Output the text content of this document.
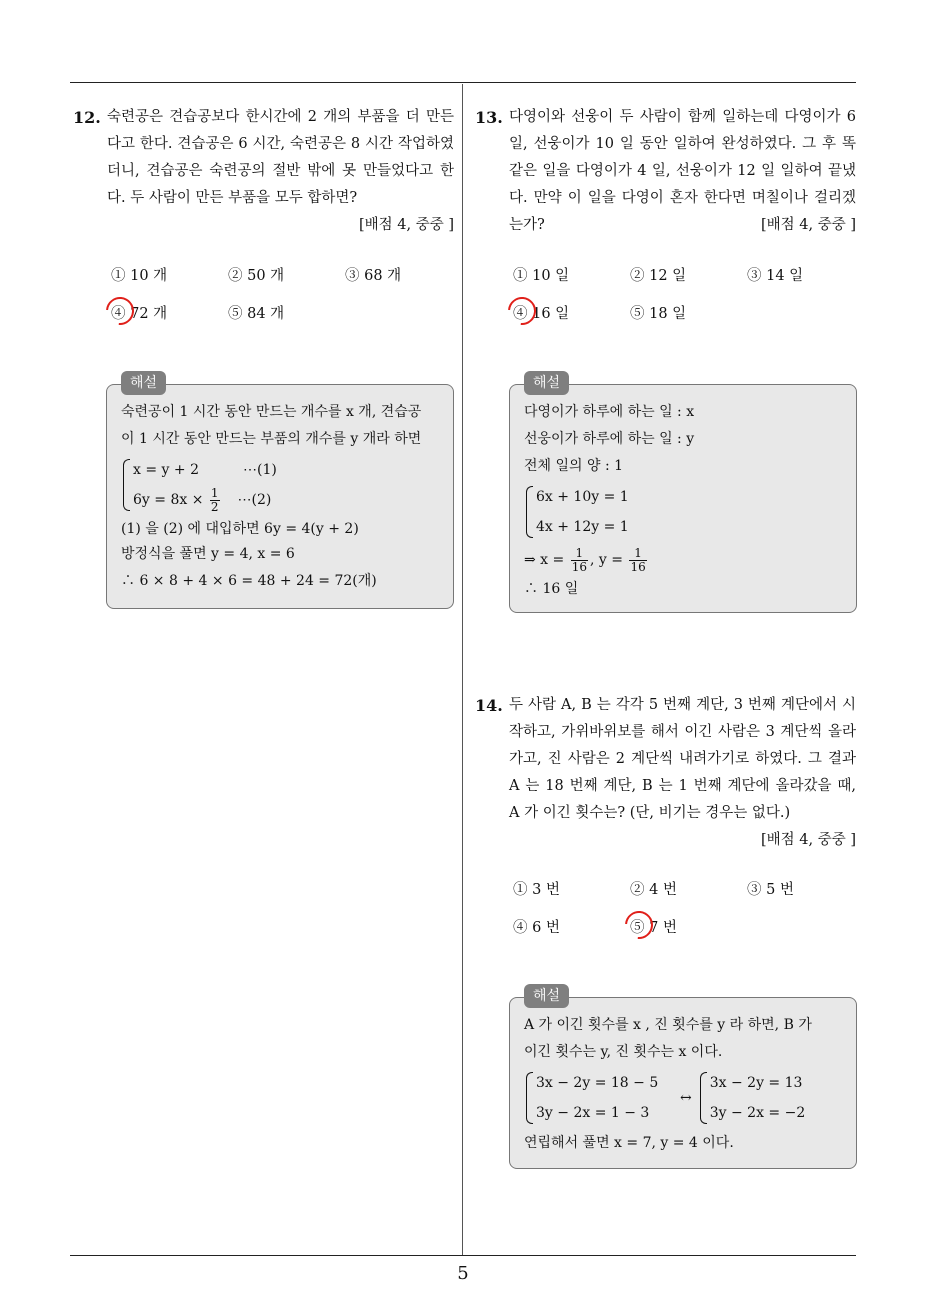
5
12. 숙련공은 견습공보다 한시간에 2 개의 부품을 더 만든다고 한다. 견습공은 6 시간, 숙련공은 8 시간 작업하였더니, 견습공은 숙련공의 절반 밖에 못 만들었다고 한다. 두 사람이 만든 부품을 모두 합하면?
[배점 4, 중중 ]
① 10 개	② 50 개	③ 68 개
④ 72 개	⑤ 84 개
해설
숙련공이 1 시간 동안 만드는 개수를 x 개, 견습공
이 1 시간 동안 만드는 부품의 개수를 y 개라 하면
x = y + 2	⋯(1)
$6y = 8x \times \frac{1}{2}$ ⋯(2)
(1) 을 (2) 에 대입하면 6y = 4(y + 2)
방정식을 풀면 y = 4, x = 6
∴ 6 × 8 + 4 × 6 = 48 + 24 = 72(개)
13. 다영이와 선웅이 두 사람이 함께 일하는데 다영이가 6 일, 선웅이가 10 일 동안 일하여 완성하였다. 그 후 똑같은 일을 다영이가 4 일, 선웅이가 12 일 일하여 끝냈다. 만약 이 일을 다영이 혼자 한다면 며칠이나 걸리겠는가?	[배점 4, 중중 ]
① 10 일	② 12 일	③ 14 일
④ 16 일	⑤ 18 일
해설
다영이가 하루에 하는 일 : x
선웅이가 하루에 하는 일 : y
전체 일의 양 : 1
6x + 10y = 1
4x + 12y = 1
⇒ $x = \frac{1}{16}$ , $y = \frac{1}{16}$
∴ 16 일
14. 두 사람 A, B 는 각각 5 번째 계단, 3 번째 계단에서 시작하고, 가위바위보를 해서 이긴 사람은 3 계단씩 올라가고, 진 사람은 2 계단씩 내려가기로 하였다. 그 결과 A 는 18 번째 계단, B 는 1 번째 계단에 올라갔을 때, A 가 이긴 횟수는? (단, 비기는 경우는 없다.)
[배점 4, 중중 ]
① 3 번	② 4 번	③ 5 번
④ 6 번	⑤ 7 번
해설
A 가 이긴 횟수를 x , 진 횟수를 y 라 하면, B 가
이긴 횟수는 y, 진 횟수는 x 이다.
3x − 2y = 18 − 5
3y − 2x = 1 − 3
↔
3x − 2y = 13
3y − 2x = −2
연립해서 풀면 x = 7, y = 4 이다.
